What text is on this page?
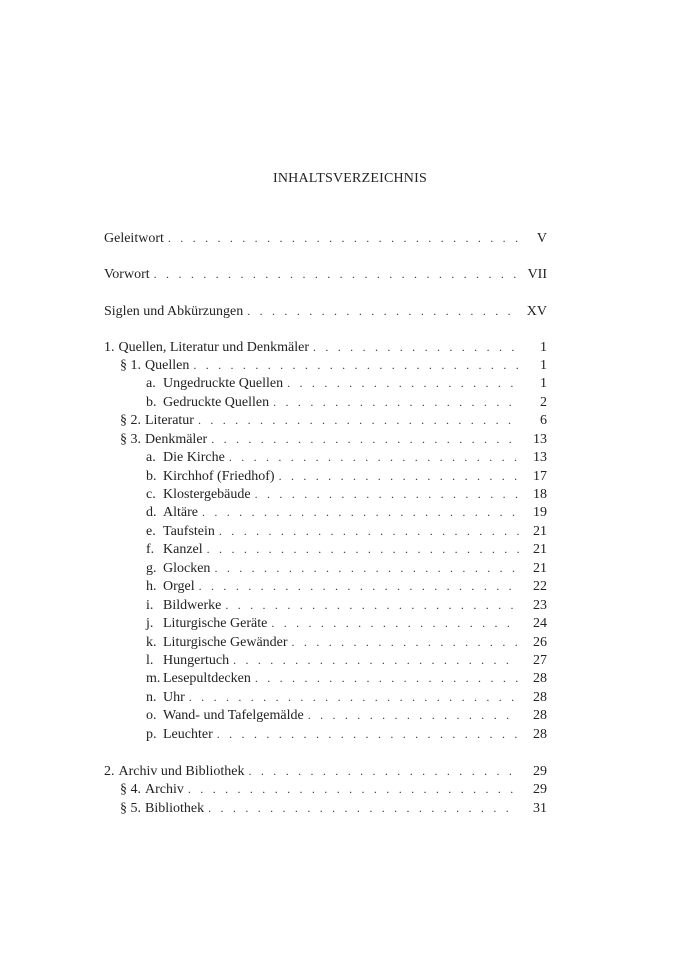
INHALTSVERZEICHNIS
Geleitwort . . .	V
Vorwort . . .	VII
Siglen und Abkürzungen . . .	XV
1. Quellen, Literatur und Denkmäler . . .	1
§ 1. Quellen . . .	1
a. Ungedruckte Quellen . . .	1
b. Gedruckte Quellen . . .	2
§ 2. Literatur . . .	6
§ 3. Denkmäler . . .	13
a. Die Kirche . . .	13
b. Kirchhof (Friedhof) . . .	17
c. Klostergebäude . . .	18
d. Altäre . . .	19
e. Taufstein . . .	21
f. Kanzel . . .	21
g. Glocken . . .	21
h. Orgel . . .	22
i. Bildwerke . . .	23
j. Liturgische Geräte . . .	24
k. Liturgische Gewänder . . .	26
l. Hungertuch . . .	27
m. Lesepultdecken . . .	28
n. Uhr . . .	28
o. Wand- und Tafelgemälde . . .	28
p. Leuchter . . .	28
2. Archiv und Bibliothek . . .	29
§ 4. Archiv . . .	29
§ 5. Bibliothek . . .	31
